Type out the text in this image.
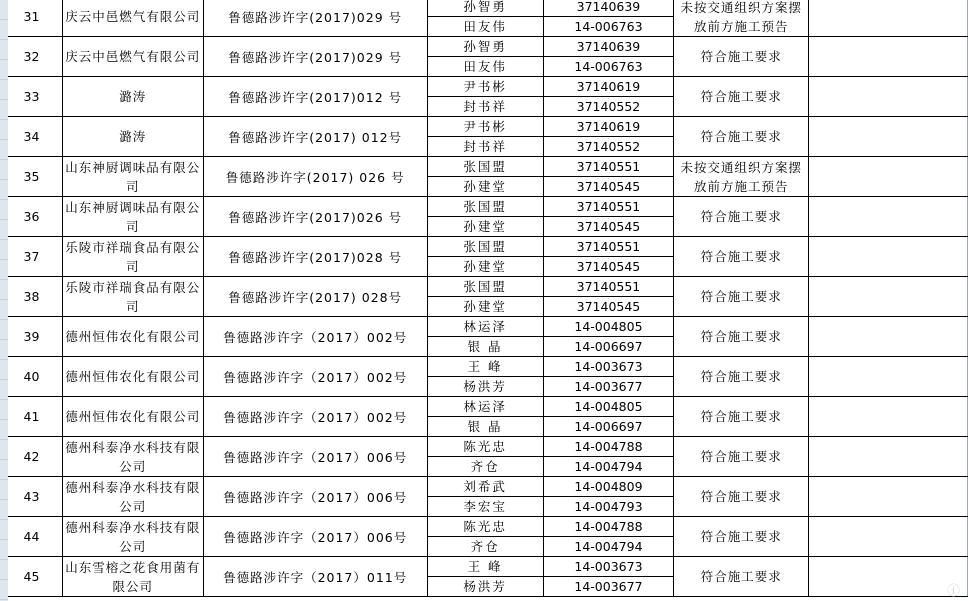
31	庆云中邑燃气有限公司	鲁德路涉许字(2017)029 号	孙智勇	37140639	未按交通组织方案摆放前方施工预告	
			田友伟	14-006763		
32	庆云中邑燃气有限公司	鲁德路涉许字(2017)029 号	孙智勇	37140639	符合施工要求	
			田友伟	14-006763		
33	潞涛	鲁德路涉许字(2017)012 号	尹书彬	37140619	符合施工要求	
			封书祥	37140552		
34	潞涛	鲁德路涉许字(2017) 012号	尹书彬	37140619	符合施工要求	
			封书祥	37140552		
35	山东神厨调味品有限公司	鲁德路涉许字(2017) 026 号	张国盟	37140551	未按交通组织方案摆放前方施工预告	
			孙建堂	37140545		
36	山东神厨调味品有限公司	鲁德路涉许字(2017)026 号	张国盟	37140551	符合施工要求	
			孙建堂	37140545		
37	乐陵市祥瑞食品有限公司	鲁德路涉许字(2017)028 号	张国盟	37140551	符合施工要求	
			孙建堂	37140545		
38	乐陵市祥瑞食品有限公司	鲁德路涉许字(2017) 028号	张国盟	37140551	符合施工要求	
			孙建堂	37140545		
39	德州恒伟农化有限公司	鲁德路涉许字（2017）002号	林运泽	14-004805	符合施工要求	
			银 晶	14-006697		
40	德州恒伟农化有限公司	鲁德路涉许字（2017）002号	王 峰	14-003673	符合施工要求	
			杨洪芳	14-003677		
41	德州恒伟农化有限公司	鲁德路涉许字（2017）002号	林运泽	14-004805	符合施工要求	
			银 晶	14-006697		
42	德州科泰净水科技有限公司	鲁德路涉许字（2017）006号	陈光忠	14-004788	符合施工要求	
			齐仓	14-004794		
43	德州科泰净水科技有限公司	鲁德路涉许字（2017）006号	刘希武	14-004809	符合施工要求	
			李宏宝	14-004793		
44	德州科泰净水科技有限公司	鲁德路涉许字（2017）006号	陈光忠	14-004788	符合施工要求	
			齐仓	14-004794		
45	山东雪榕之花食用菌有限公司	鲁德路涉许字（2017）011号	王 峰	14-003673	符合施工要求	
			杨洪芳	14-003677			ⓘ
